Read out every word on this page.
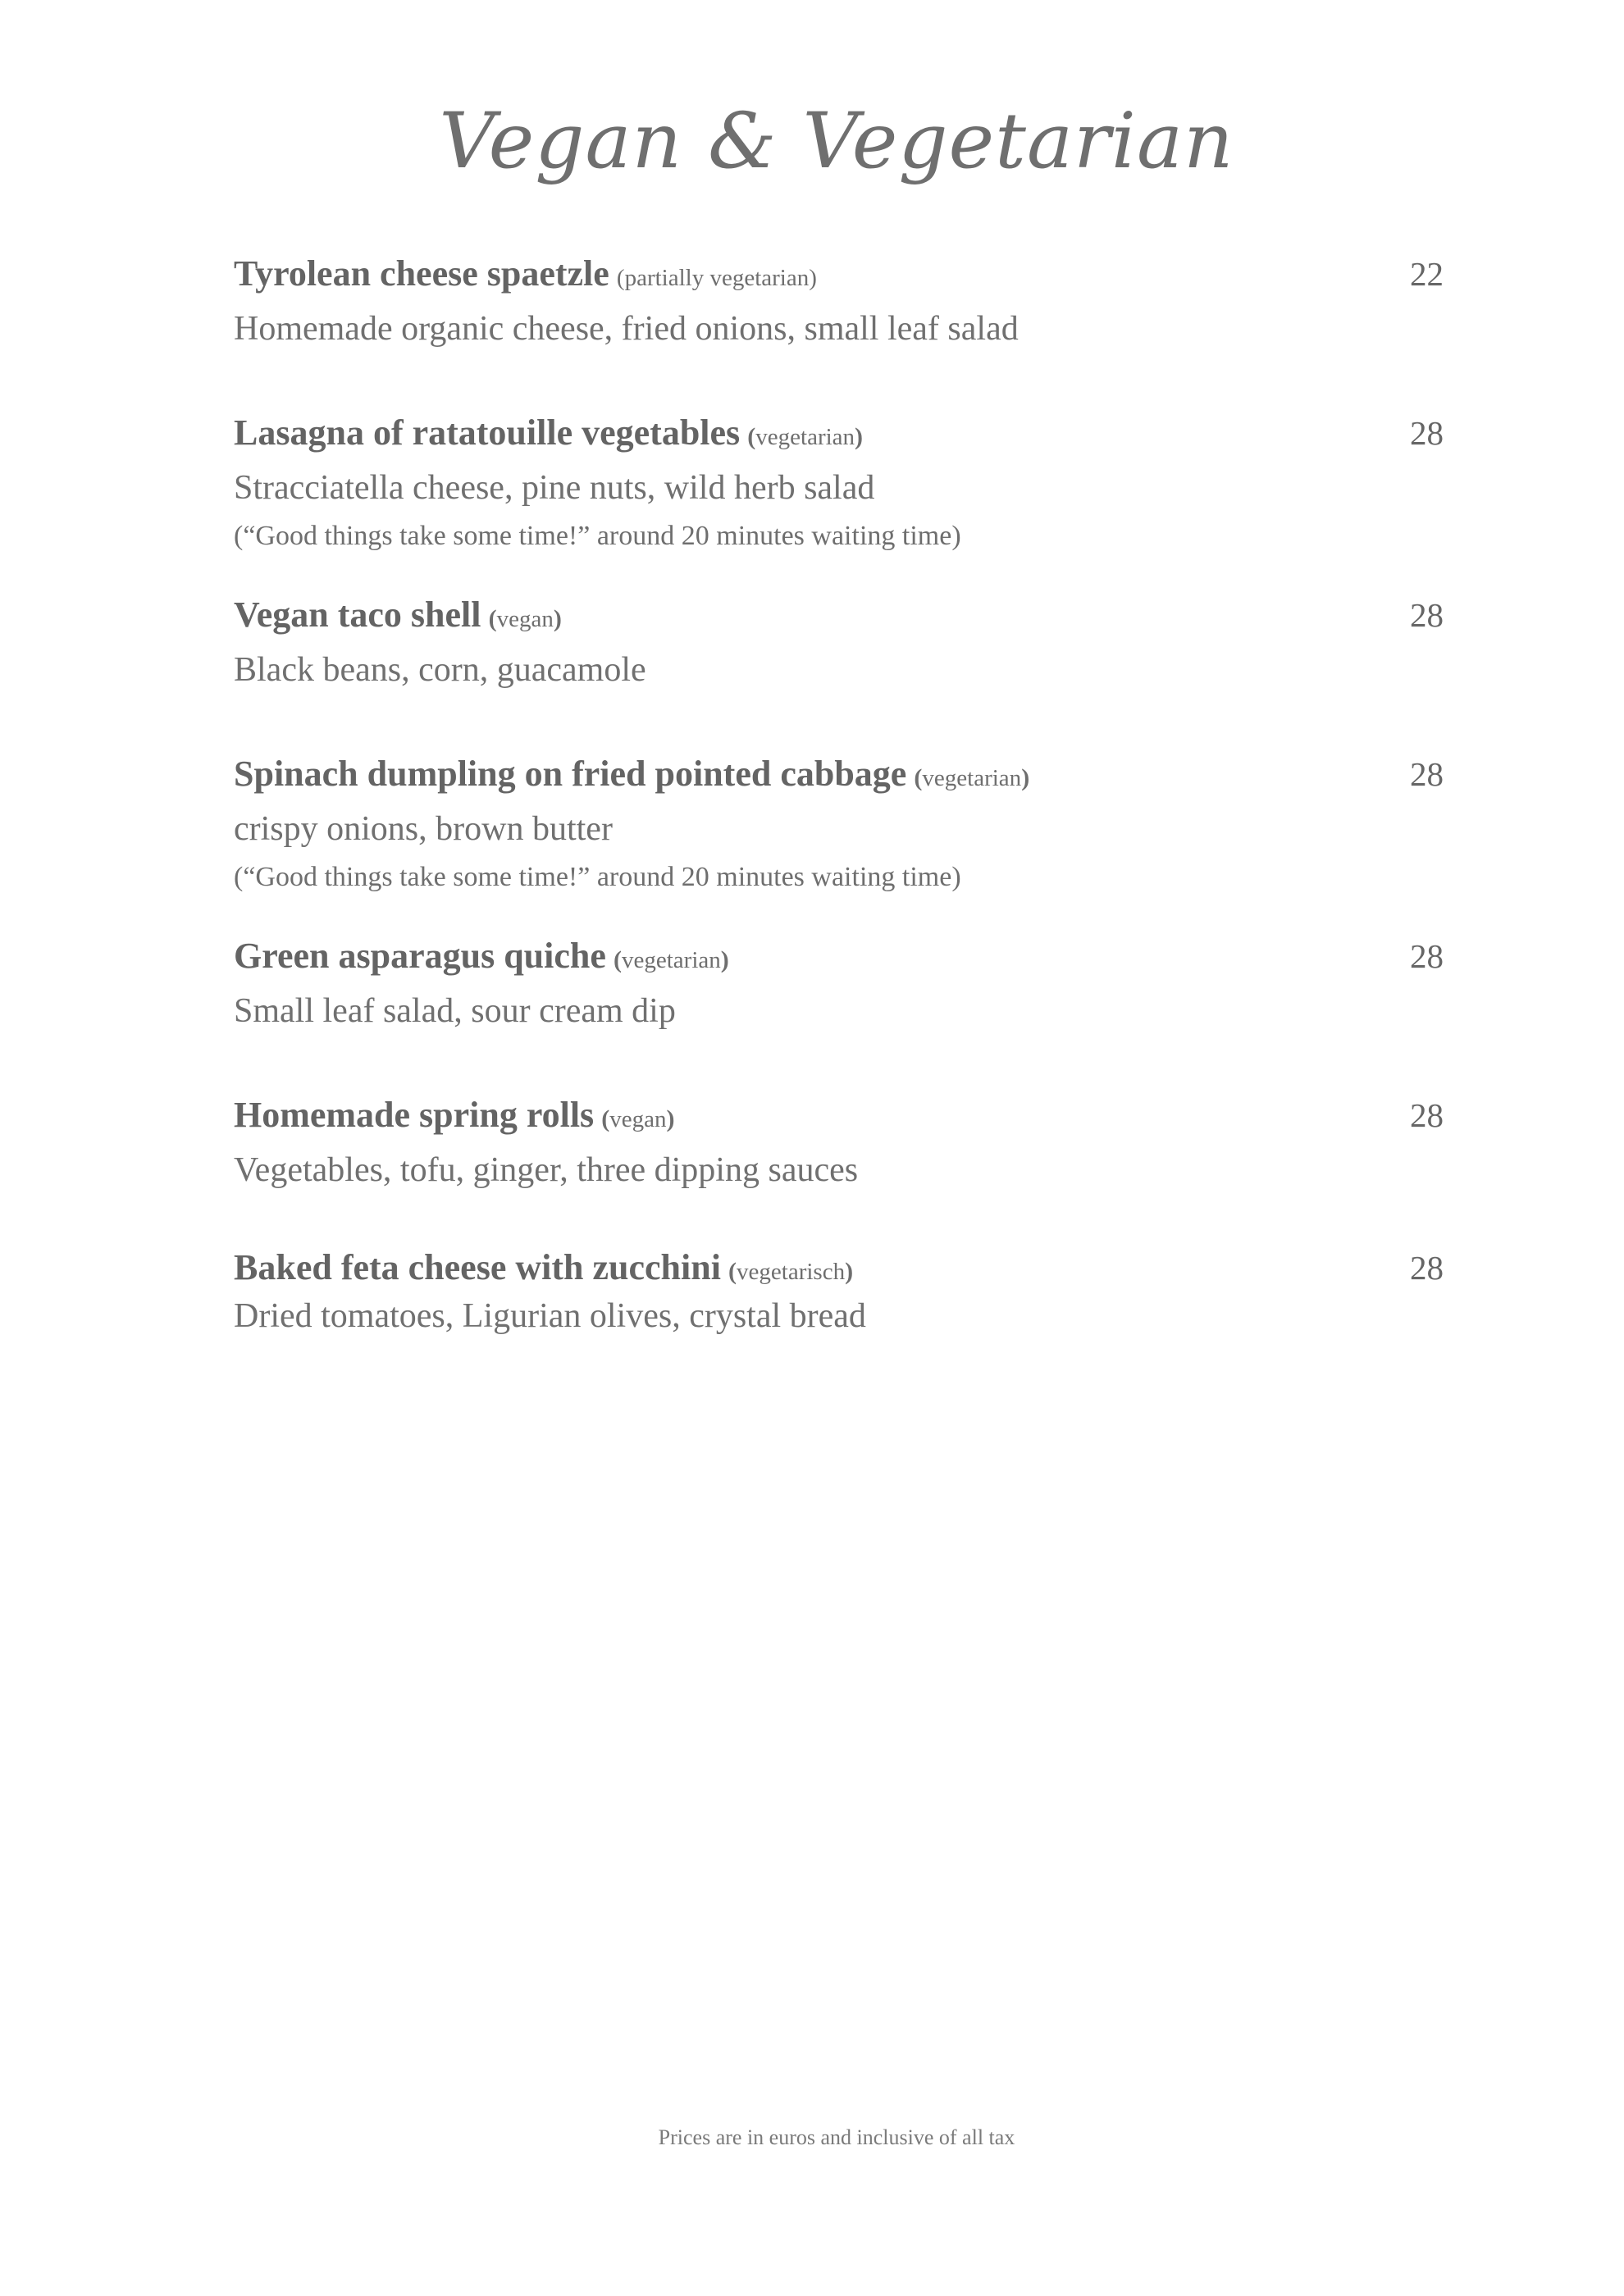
Vegan & Vegetarian
Tyrolean cheese spaetzle (partially vegetarian)	22
Homemade organic cheese, fried onions, small leaf salad
Lasagna of ratatouille vegetables (vegetarian)	28
Stracciatella cheese, pine nuts, wild herb salad
(“Good things take some time!” around 20 minutes waiting time)
Vegan taco shell (vegan)	28
Black beans, corn, guacamole
Spinach dumpling on fried pointed cabbage (vegetarian)	28
crispy onions, brown butter
(“Good things take some time!” around 20 minutes waiting time)
Green asparagus quiche (vegetarian)	28
Small leaf salad, sour cream dip
Homemade spring rolls (vegan)	28
Vegetables, tofu, ginger, three dipping sauces
Baked feta cheese with zucchini (vegetarisch)	28
Dried tomatoes, Ligurian olives, crystal bread
Prices are in euros and inclusive of all tax
